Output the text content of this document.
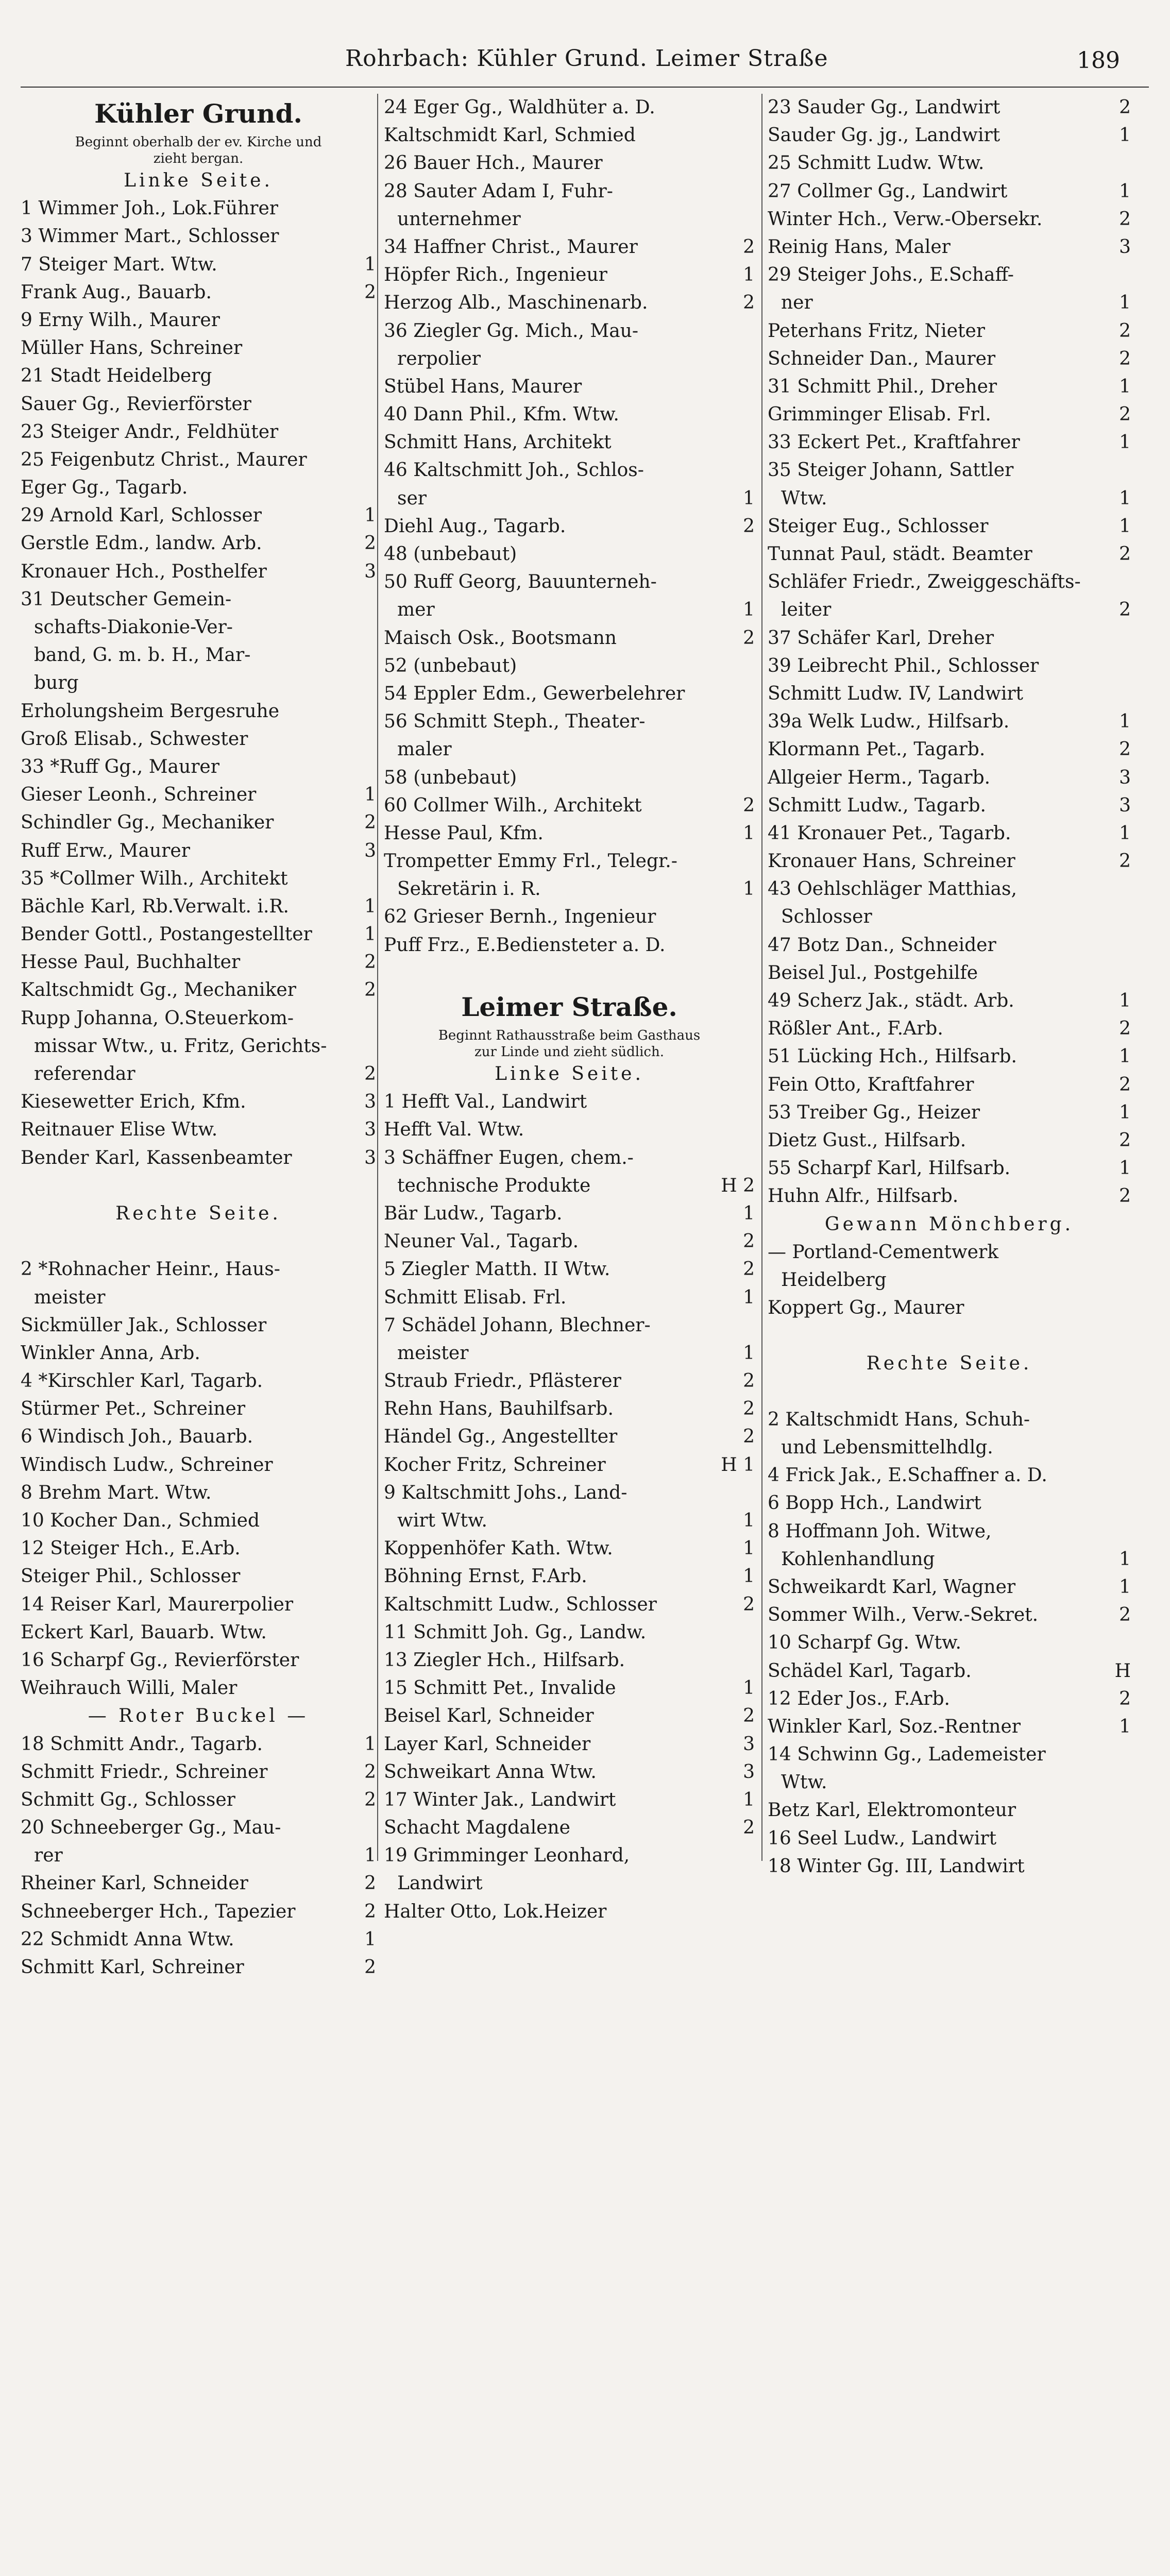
Rohrbach: Kühler Grund. Leimer Straße	189
Kühler Grund.
Beginnt oberhalb der ev. Kirche und
zieht bergan.
Linke Seite.
1 Wimmer Joh., Lok.Führer
3 Wimmer Mart., Schlosser
7 Steiger Mart. Wtw.	1
Frank Aug., Bauarb.	2
9 Erny Wilh., Maurer
Müller Hans, Schreiner
21 Stadt Heidelberg
Sauer Gg., Revierförster
23 Steiger Andr., Feldhüter
25 Feigenbutz Christ., Maurer
Eger Gg., Tagarb.
29 Arnold Karl, Schlosser	1
Gerstle Edm., landw. Arb.	2
Kronauer Hch., Posthelfer	3
31 Deutscher Gemein-
schafts-Diakonie-Ver-
band, G. m. b. H., Mar-
burg
Erholungsheim Bergesruhe
Groß Elisab., Schwester
33 *Ruff Gg., Maurer
Gieser Leonh., Schreiner	1
Schindler Gg., Mechaniker	2
Ruff Erw., Maurer	3
35 *Collmer Wilh., Architekt
Bächle Karl, Rb.Verwalt. i.R.	1
Bender Gottl., Postangestellter	1
Hesse Paul, Buchhalter	2
Kaltschmidt Gg., Mechaniker	2
Rupp Johanna, O.Steuerkom-
missar Wtw., u. Fritz, Gerichts-
referendar	2
Kiesewetter Erich, Kfm.	3
Reitnauer Elise Wtw.	3
Bender Karl, Kassenbeamter	3
Rechte Seite.
2 *Rohnacher Heinr., Haus-
meister
Sickmüller Jak., Schlosser
Winkler Anna, Arb.
4 *Kirschler Karl, Tagarb.
Stürmer Pet., Schreiner
6 Windisch Joh., Bauarb.
Windisch Ludw., Schreiner
8 Brehm Mart. Wtw.
10 Kocher Dan., Schmied
12 Steiger Hch., E.Arb.
Steiger Phil., Schlosser
14 Reiser Karl, Maurerpolier
Eckert Karl, Bauarb. Wtw.
16 Scharpf Gg., Revierförster
Weihrauch Willi, Maler
— Roter Buckel —
18 Schmitt Andr., Tagarb.	1
Schmitt Friedr., Schreiner	2
Schmitt Gg., Schlosser	2
20 Schneeberger Gg., Mau-
rer	1
Rheiner Karl, Schneider	2
Schneeberger Hch., Tapezier	2
22 Schmidt Anna Wtw.	1
Schmitt Karl, Schreiner	2
24 Eger Gg., Waldhüter a. D.
Kaltschmidt Karl, Schmied
26 Bauer Hch., Maurer
28 Sauter Adam I, Fuhr-
unternehmer
34 Haffner Christ., Maurer	2
Höpfer Rich., Ingenieur	1
Herzog Alb., Maschinenarb.	2
36 Ziegler Gg. Mich., Mau-
rerpolier
Stübel Hans, Maurer
40 Dann Phil., Kfm. Wtw.
Schmitt Hans, Architekt
46 Kaltschmitt Joh., Schlos-
ser	1
Diehl Aug., Tagarb.	2
48 (unbebaut)
50 Ruff Georg, Bauunterneh-
mer	1
Maisch Osk., Bootsmann	2
52 (unbebaut)
54 Eppler Edm., Gewerbelehrer
56 Schmitt Steph., Theater-
maler
58 (unbebaut)
60 Collmer Wilh., Architekt	2
Hesse Paul, Kfm.	1
Trompetter Emmy Frl., Telegr.-
Sekretärin i. R.	1
62 Grieser Bernh., Ingenieur
Puff Frz., E.Bediensteter a. D.
Leimer Straße.
Beginnt Rathausstraße beim Gasthaus
zur Linde und zieht südlich.
Linke Seite.
1 Hefft Val., Landwirt
Hefft Val. Wtw.
3 Schäffner Eugen, chem.-
technische Produkte	H 2
Bär Ludw., Tagarb.	1
Neuner Val., Tagarb.	2
5 Ziegler Matth. II Wtw.	2
Schmitt Elisab. Frl.	1
7 Schädel Johann, Blechner-
meister	1
Straub Friedr., Pflästerer	2
Rehn Hans, Bauhilfsarb.	2
Händel Gg., Angestellter	2
Kocher Fritz, Schreiner	H 1
9 Kaltschmitt Johs., Land-
wirt Wtw.	1
Koppenhöfer Kath. Wtw.	1
Böhning Ernst, F.Arb.	1
Kaltschmitt Ludw., Schlosser	2
11 Schmitt Joh. Gg., Landw.
13 Ziegler Hch., Hilfsarb.
15 Schmitt Pet., Invalide	1
Beisel Karl, Schneider	2
Layer Karl, Schneider	3
Schweikart Anna Wtw.	3
17 Winter Jak., Landwirt	1
Schacht Magdalene	2
19 Grimminger Leonhard,
Landwirt
Halter Otto, Lok.Heizer
23 Sauder Gg., Landwirt	2
Sauder Gg. jg., Landwirt	1
25 Schmitt Ludw. Wtw.
27 Collmer Gg., Landwirt	1
Winter Hch., Verw.-Obersekr.	2
Reinig Hans, Maler	3
29 Steiger Johs., E.Schaff-
ner	1
Peterhans Fritz, Nieter	2
Schneider Dan., Maurer	2
31 Schmitt Phil., Dreher	1
Grimminger Elisab. Frl.	2
33 Eckert Pet., Kraftfahrer	1
35 Steiger Johann, Sattler
Wtw.	1
Steiger Eug., Schlosser	1
Tunnat Paul, städt. Beamter	2
Schläfer Friedr., Zweiggeschäfts-
leiter	2
37 Schäfer Karl, Dreher
39 Leibrecht Phil., Schlosser
Schmitt Ludw. IV, Landwirt
39a Welk Ludw., Hilfsarb.	1
Klormann Pet., Tagarb.	2
Allgeier Herm., Tagarb.	3
Schmitt Ludw., Tagarb.	3
41 Kronauer Pet., Tagarb.	1
Kronauer Hans, Schreiner	2
43 Oehlschläger Matthias,
Schlosser
47 Botz Dan., Schneider
Beisel Jul., Postgehilfe
49 Scherz Jak., städt. Arb.	1
Rößler Ant., F.Arb.	2
51 Lücking Hch., Hilfsarb.	1
Fein Otto, Kraftfahrer	2
53 Treiber Gg., Heizer	1
Dietz Gust., Hilfsarb.	2
55 Scharpf Karl, Hilfsarb.	1
Huhn Alfr., Hilfsarb.	2
Gewann Mönchberg.
— Portland-Cementwerk
Heidelberg
Koppert Gg., Maurer
Rechte Seite.
2 Kaltschmidt Hans, Schuh-
und Lebensmittelhdlg.
4 Frick Jak., E.Schaffner a. D.
6 Bopp Hch., Landwirt
8 Hoffmann Joh. Witwe,
Kohlenhandlung	1
Schweikardt Karl, Wagner	1
Sommer Wilh., Verw.-Sekret.	2
10 Scharpf Gg. Wtw.
Schädel Karl, Tagarb.	H
12 Eder Jos., F.Arb.	2
Winkler Karl, Soz.-Rentner	1
14 Schwinn Gg., Lademeister
Wtw.
Betz Karl, Elektromonteur
16 Seel Ludw., Landwirt
18 Winter Gg. III, Landwirt
